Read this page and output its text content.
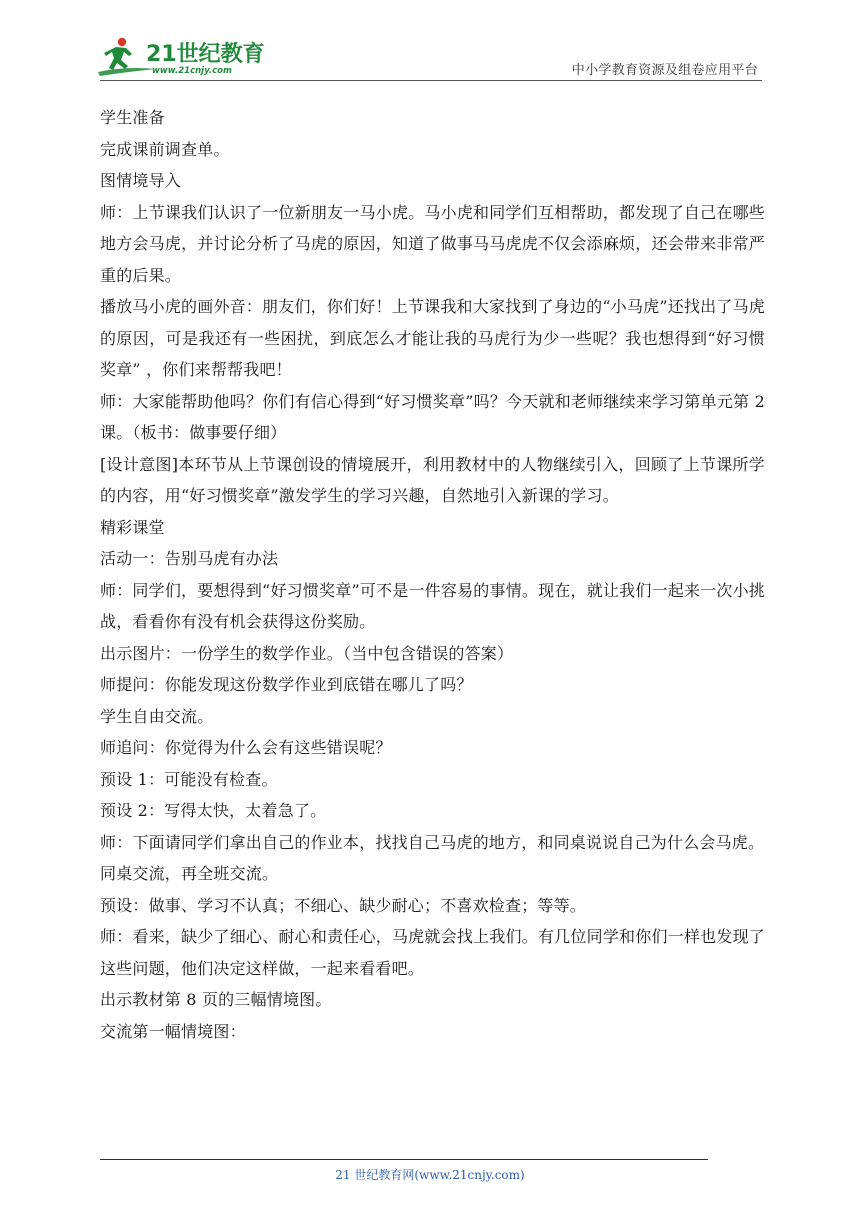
21世纪教育
www.21cnjy.com	中小学教育资源及组卷应用平台

学生准备

完成课前调查单。

图情境导入

师：上节课我们认识了一位新朋友一马小虎。马小虎和同学们互相帮助，都发现了自己在哪些地方会马虎，并讨论分析了马虎的原因，知道了做事马马虎虎不仅会添麻烦，还会带来非常严重的后果。

播放马小虎的画外音：朋友们，你们好！上节课我和大家找到了身边的“小马虎”还找出了马虎的原因，可是我还有一些困扰，到底怎么才能让我的马虎行为少一些呢？我也想得到“好习惯奖章” ，你们来帮帮我吧！

师：大家能帮助他吗？你们有信心得到“好习惯奖章”吗？今天就和老师继续来学习第单元第 2 课。（板书：做事要仔细）

[设计意图]本环节从上节课创设的情境展开，利用教材中的人物继续引入，回顾了上节课所学的内容，用“好习惯奖章”激发学生的学习兴趣，自然地引入新课的学习。

精彩课堂

活动一：告别马虎有办法

师：同学们，要想得到“好习惯奖章”可不是一件容易的事情。现在，就让我们一起来一次小挑战，看看你有没有机会获得这份奖励。

出示图片：一份学生的数学作业。（当中包含错误的答案）

师提问：你能发现这份数学作业到底错在哪儿了吗？

学生自由交流。

师追问：你觉得为什么会有这些错误呢？

预设 1：可能没有检查。

预设 2：写得太快，太着急了。

师：下面请同学们拿出自己的作业本，找找自己马虎的地方，和同桌说说自己为什么会马虎。

同桌交流，再全班交流。

预设：做事、学习不认真；不细心、缺少耐心；不喜欢检查；等等。

师：看来，缺少了细心、耐心和责任心，马虎就会找上我们。有几位同学和你们一样也发现了这些问题，他们决定这样做，一起来看看吧。

出示教材第 8 页的三幅情境图。

交流第一幅情境图：

21 世纪教育网(www.21cnjy.com)
